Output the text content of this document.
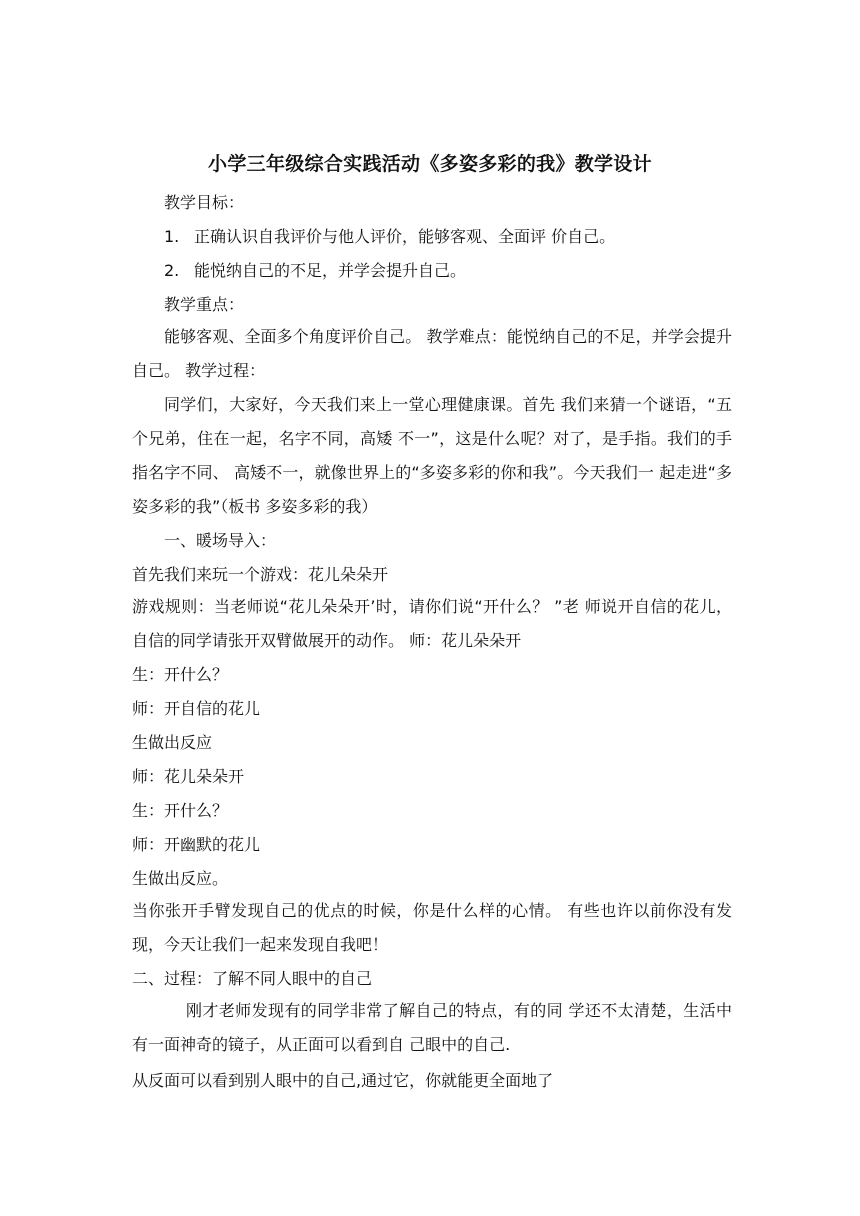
小学三年级综合实践活动《多姿多彩的我》教学设计
教学目标：
1. 正确认识自我评价与他人评价，能够客观、全面评 价自己。
2. 能悦纳自己的不足，并学会提升自己。
教学重点：

能够客观、全面多个角度评价自己。 教学难点：能悦纳自己的不足，并学会提升自己。 教学过程：

同学们，大家好，今天我们来上一堂心理健康课。首先 我们来猜一个谜语，“五个兄弟，住在一起，名字不同，高矮 不一”，这是什么呢？对了，是手指。我们的手指名字不同、 高矮不一，就像世界上的“多姿多彩的你和我”。今天我们一 起走进“多姿多彩的我”（板书 多姿多彩的我）

一、暖场导入：
首先我们来玩一个游戏：花儿朵朵开

游戏规则：当老师说“花儿朵朵开’时，请你们说“开什么？ ”老 师说开自信的花儿，自信的同学请张开双臂做展开的动作。 师：花儿朵朵开

生：开什么？
师：开自信的花儿
生做出反应
师：花儿朵朵开
生：开什么？
师：开幽默的花儿
生做出反应。

当你张开手臂发现自己的优点的时候，你是什么样的心情。 有些也许以前你没有发现，今天让我们一起来发现自我吧！

二、过程：了解不同人眼中的自己

刚才老师发现有的同学非常了解自己的特点，有的同 学还不太清楚，生活中有一面神奇的镜子，从正面可以看到自 己眼中的自己.

从反面可以看到别人眼中的自己,通过它，你就能更全面地了
